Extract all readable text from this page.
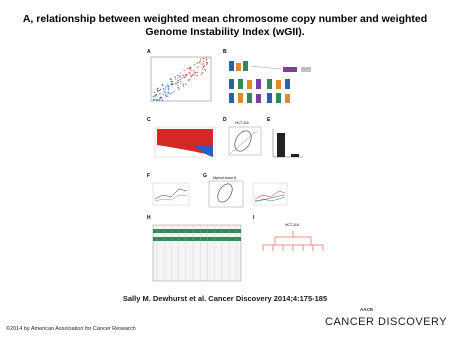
A, relationship between weighted mean chromosome copy number and weighted Genome Instability Index (wGII).
A	B
C	D	E
F	G
H	I
HCT-116
Diploid clone 8
HCT-116
Sally M. Dewhurst et al. Cancer Discovery 2014;4:175-185
©2014 by American Association for Cancer Research
AACR
CANCER DISCOVERY
